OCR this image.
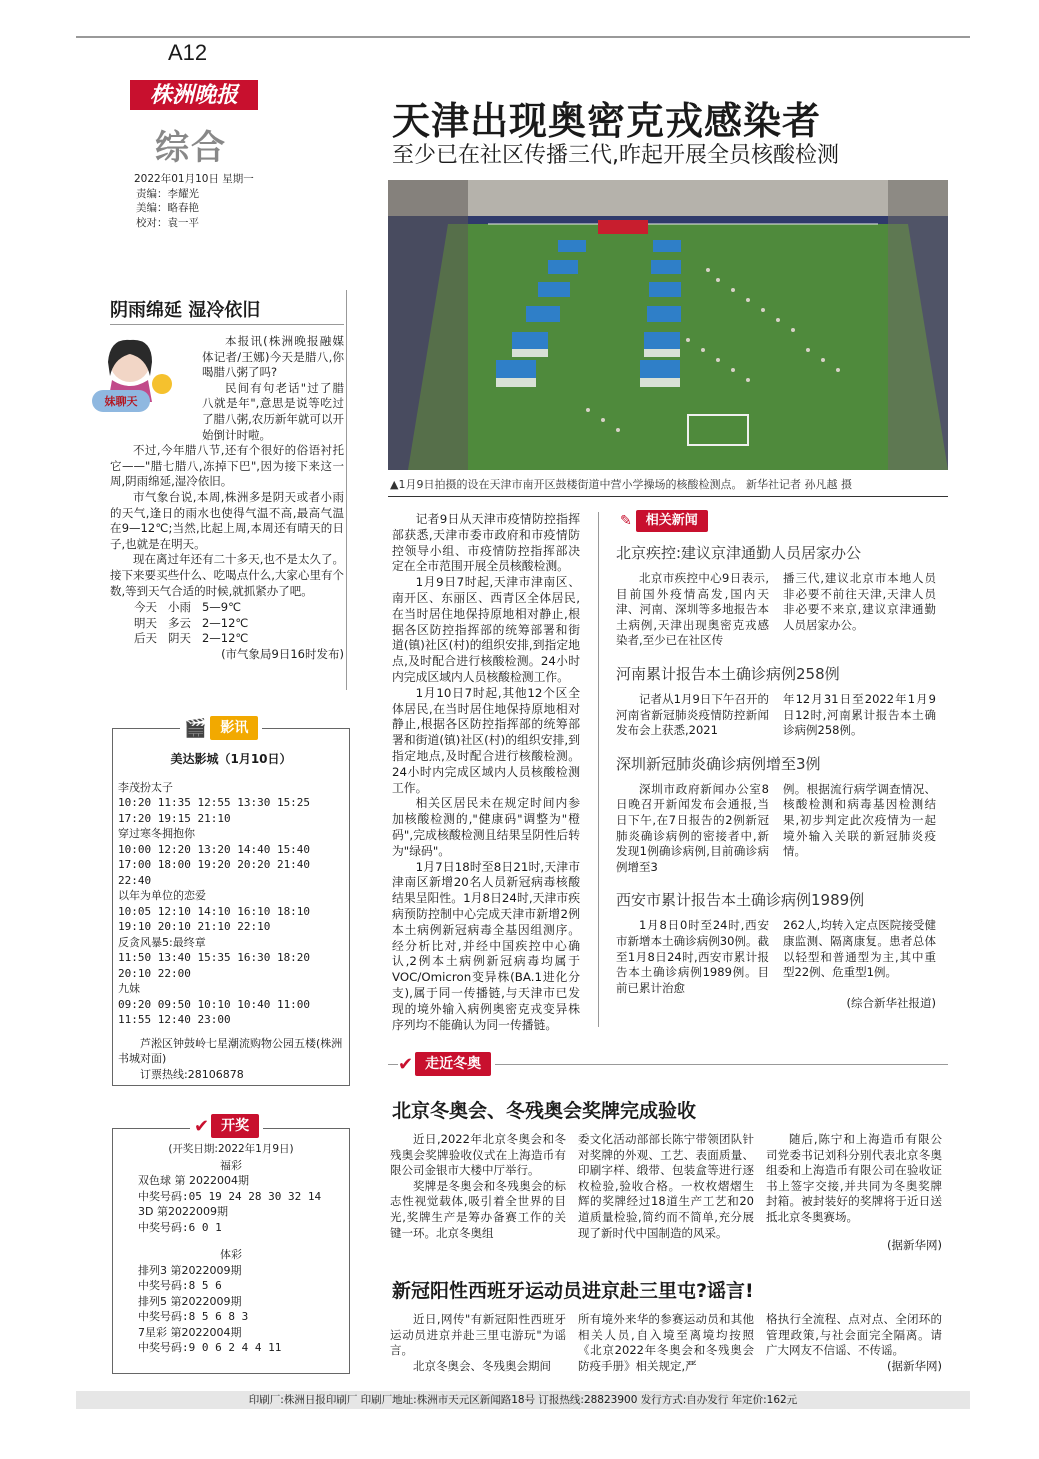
A12
株洲晚报
综合
2022年01月10日 星期一
责编：李耀光
美编：略春艳
校对：袁一平
阴雨绵延 湿冷依旧
妹聊天

本报讯(株洲晚报融媒体记者/王娜)今天是腊八,你喝腊八粥了吗?

民间有句老话"过了腊八就是年",意思是说等吃过了腊八粥,农历新年就可以开始倒计时啦。

不过,今年腊八节,还有个很好的俗语衬托它——"腊七腊八,冻掉下巴",因为接下来这一周,阴雨绵延,湿冷依旧。

市气象台说,本周,株洲多是阴天或者小雨的天气,逢日的雨水也使得气温不高,最高气温在9—12℃;当然,比起上周,本周还有晴天的日子,也就是在明天。

现在离过年还有二十多天,也不是太久了。接下来要买些什么、吃喝点什么,大家心里有个数,等到天气合适的时候,就抓紧办了吧。

今天 小雨 5—9℃
明天 多云 2—12℃
后天 阴天 2—12℃
(市气象局9日16时发布)
🎬	影讯
美达影城（1月10日）
李茂扮太子
10:20 11:35 12:55 13:30 15:25 17:20 19:15 21:10
穿过寒冬拥抱你
10:00 12:20 13:20 14:40 15:40 17:00 18:00 19:20 20:20 21:40 22:40
以年为单位的恋爱
10:05 12:10 14:10 16:10 18:10 19:10 20:10 21:10 22:10
反贪风暴5:最终章
11:50 13:40 15:35 16:30 18:20 20:10 22:00
九妹
09:20 09:50 10:10 10:40 11:00 11:55 12:40 23:00
芦淞区钟鼓岭七星潮流购物公园五楼(株洲书城对面)
订票热线:28106878
✔ 开奖
(开奖日期:2022年1月9日)
福彩
双色球 第 2022004期
中奖号码:05 19 24 28 30 32 14
3D 第2022009期
中奖号码:6 0 1
体彩
排列3 第2022009期
中奖号码:8 5 6
排列5 第2022009期
中奖号码:8 5 6 8 3
7星彩 第2022004期
中奖号码:9 0 6 2 4 4 11
天津出现奥密克戎感染者
至少已在社区传播三代,昨起开展全员核酸检测
▲1月9日拍摄的设在天津市南开区鼓楼街道中营小学操场的核酸检测点。 新华社记者 孙凡越 摄

记者9日从天津市疫情防控指挥部获悉,天津市委市政府和市疫情防控领导小组、市疫情防控指挥部决定在全市范围开展全员核酸检测。

1月9日7时起,天津市津南区、南开区、东丽区、西青区全体居民,在当时居住地保持原地相对静止,根据各区防控指挥部的统筹部署和街道(镇)社区(村)的组织安排,到指定地点,及时配合进行核酸检测。24小时内完成区域内人员核酸检测工作。

1月10日7时起,其他12个区全体居民,在当时居住地保持原地相对静止,根据各区防控指挥部的统筹部署和街道(镇)社区(村)的组织安排,到指定地点,及时配合进行核酸检测。24小时内完成区域内人员核酸检测工作。

相关区居民未在规定时间内参加核酸检测的,"健康码"调整为"橙码",完成核酸检测且结果呈阴性后转为"绿码"。

1月7日18时至8日21时,天津市津南区新增20名人员新冠病毒核酸结果呈阳性。1月8日24时,天津市疾病预防控制中心完成天津市新增2例本土病例新冠病毒全基因组测序。经分析比对,并经中国疾控中心确认,2例本土病例新冠病毒均属于VOC/Omicron变异株(BA.1进化分支),属于同一传播链,与天津市已发现的境外输入病例奥密克戎变异株序列均不能确认为同一传播链。

✎	相关新闻
北京疾控:建议京津通勤人员居家办公

北京市疾控中心9日表示,目前国外疫情高发,国内天津、河南、深圳等多地报告本土病例,天津出现奥密克戎感染者,至少已在社区传

播三代,建议北京市本地人员非必要不前往天津,天津人员非必要不来京,建议京津通勤人员居家办公。

河南累计报告本土确诊病例258例

记者从1月9日下午召开的河南省新冠肺炎疫情防控新闻发布会上获悉,2021

年12月31日至2022年1月9日12时,河南累计报告本土确诊病例258例。

深圳新冠肺炎确诊病例增至3例

深圳市政府新闻办公室8日晚召开新闻发布会通报,当日下午,在7日报告的2例新冠肺炎确诊病例的密接者中,新发现1例确诊病例,目前确诊病例增至3

例。根据流行病学调查情况、核酸检测和病毒基因检测结果,初步判定此次疫情为一起境外输入关联的新冠肺炎疫情。

西安市累计报告本土确诊病例1989例

1月8日0时至24时,西安市新增本土确诊病例30例。截至1月8日24时,西安市累计报告本土确诊病例1989例。目前已累计治愈

262人,均转入定点医院接受健康监测、隔离康复。患者总体以轻型和普通型为主,其中重型22例、危重型1例。

(综合新华社报道)
✔ 走近冬奥
北京冬奥会、冬残奥会奖牌完成验收

近日,2022年北京冬奥会和冬残奥会奖牌验收仪式在上海造币有限公司金银市大楼中厅举行。

奖牌是冬奥会和冬残奥会的标志性视觉载体,吸引着全世界的目光,奖牌生产是筹办备赛工作的关键一环。北京冬奥组

委文化活动部部长陈宁带领团队针对奖牌的外观、工艺、表面质量、印刷字样、缎带、包装盒等进行逐枚检验,验收合格。一枚枚熠熠生辉的奖牌经过18道生产工艺和20道质量检验,简约而不简单,充分展现了新时代中国制造的风采。

随后,陈宁和上海造币有限公司党委书记刘科分别代表北京冬奥组委和上海造币有限公司在验收证书上签字交接,并共同为冬奥奖牌封箱。被封装好的奖牌将于近日送抵北京冬奥赛场。

(据新华网)
新冠阳性西班牙运动员进京赴三里屯?谣言!

近日,网传"有新冠阳性西班牙运动员进京并赴三里屯游玩"为谣言。

北京冬奥会、冬残奥会期间

所有境外来华的参赛运动员和其他相关人员,自入境至离境均按照《北京2022年冬奥会和冬残奥会防疫手册》相关规定,严

格执行全流程、点对点、全闭环的管理政策,与社会面完全隔离。请广大网友不信谣、不传谣。

(据新华网)
印刷厂:株洲日报印刷厂 印刷厂地址:株洲市天元区新闻路18号 订报热线:28823900 发行方式:自办发行 年定价:162元
